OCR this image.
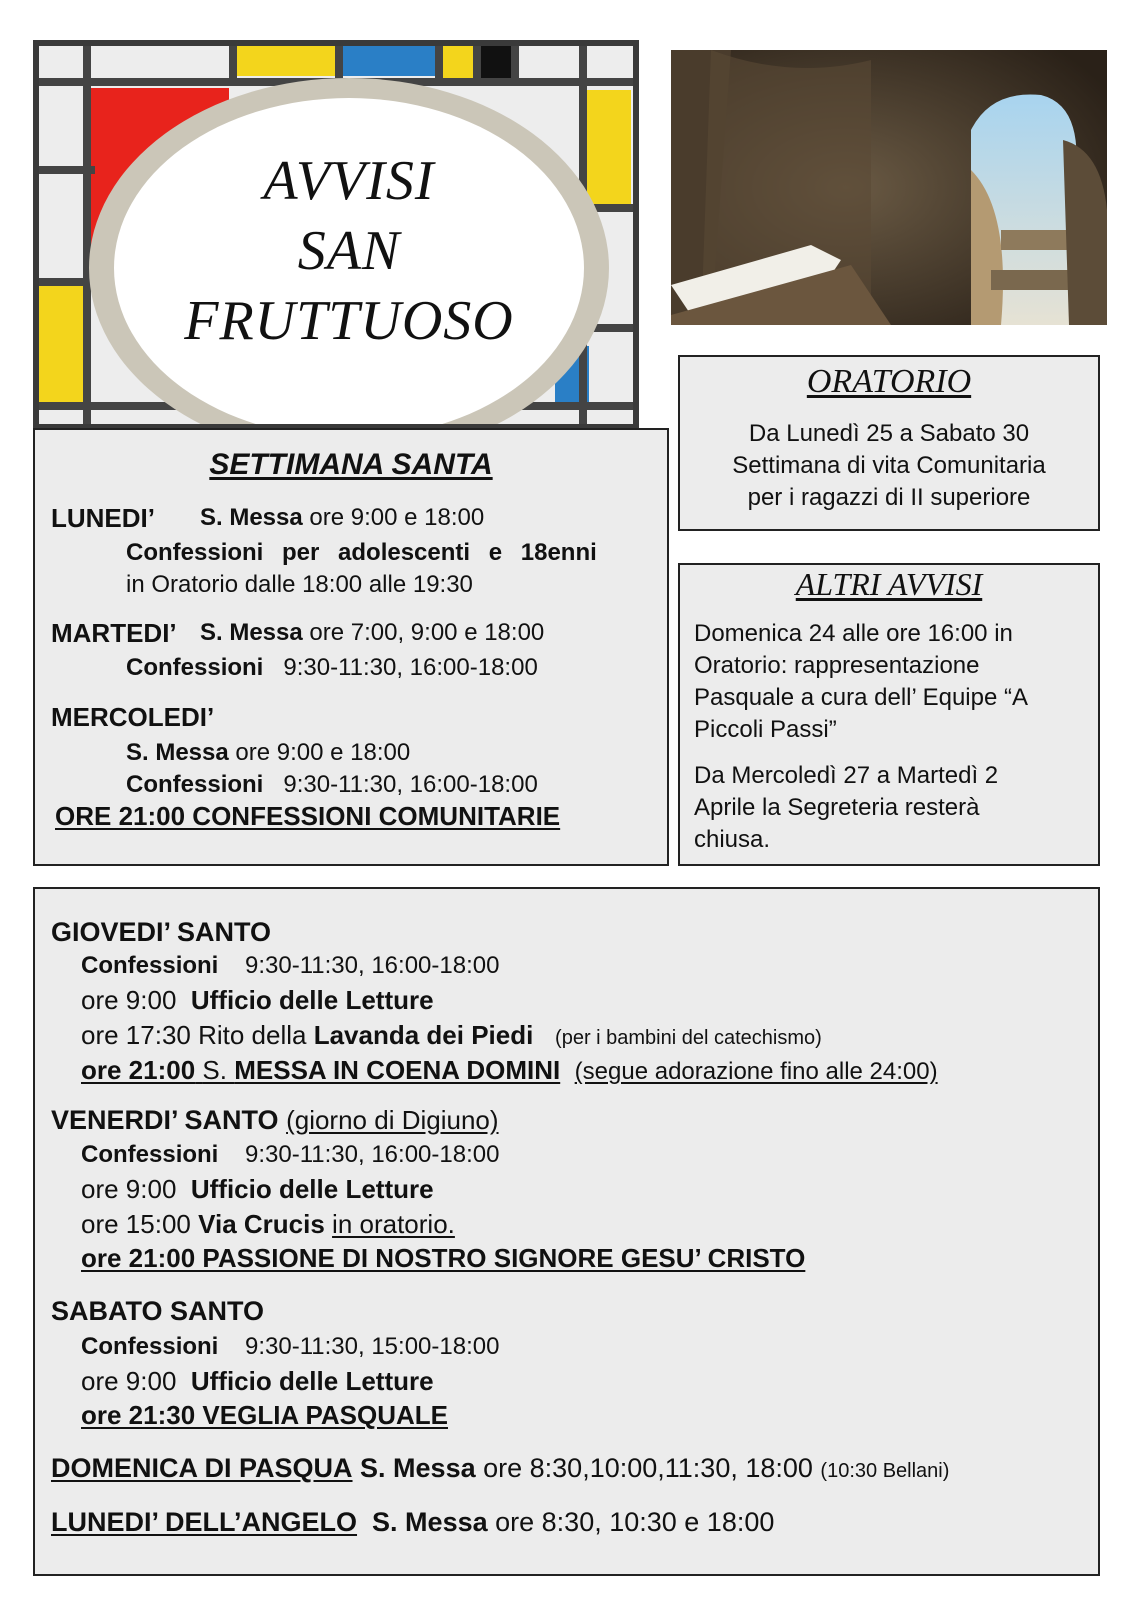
AVVISI
SAN
FRUTTUOSO
SETTIMANA SANTA
LUNEDI’ S. Messa ore 9:00 e 18:00
Confessioni per adolescenti e 18enni
in Oratorio dalle 18:00 alle 19:30
MARTEDI’ S. Messa ore 7:00, 9:00 e 18:00
Confessioni 9:30-11:30, 16:00-18:00
MERCOLEDI’
S. Messa ore 9:00 e 18:00
Confessioni 9:30-11:30, 16:00-18:00
ORE 21:00 CONFESSIONI COMUNITARIE
ORATORIO
Da Lunedì 25 a Sabato 30
Settimana di vita Comunitaria
per i ragazzi di II superiore
ALTRI AVVISI
Domenica 24 alle ore 16:00 in
Oratorio: rappresentazione
Pasquale a cura dell’ Equipe “A
Piccoli Passi”
Da Mercoledì 27 a Martedì 2
Aprile la Segreteria resterà
chiusa.
GIOVEDI’ SANTO
Confessioni 9:30-11:30, 16:00-18:00
ore 9:00 Ufficio delle Letture
ore 17:30 Rito della Lavanda dei Piedi (per i bambini del catechismo)
ore 21:00 S. MESSA IN COENA DOMINI (segue adorazione fino alle 24:00)
VENERDI’ SANTO (giorno di Digiuno)
Confessioni 9:30-11:30, 16:00-18:00
ore 9:00 Ufficio delle Letture
ore 15:00 Via Crucis in oratorio.
ore 21:00 PASSIONE DI NOSTRO SIGNORE GESU’ CRISTO
SABATO SANTO
Confessioni 9:30-11:30, 15:00-18:00
ore 9:00 Ufficio delle Letture
ore 21:30 VEGLIA PASQUALE
DOMENICA DI PASQUA S. Messa ore 8:30,10:00,11:30, 18:00 (10:30 Bellani)
LUNEDI’ DELL’ANGELO S. Messa ore 8:30, 10:30 e 18:00
